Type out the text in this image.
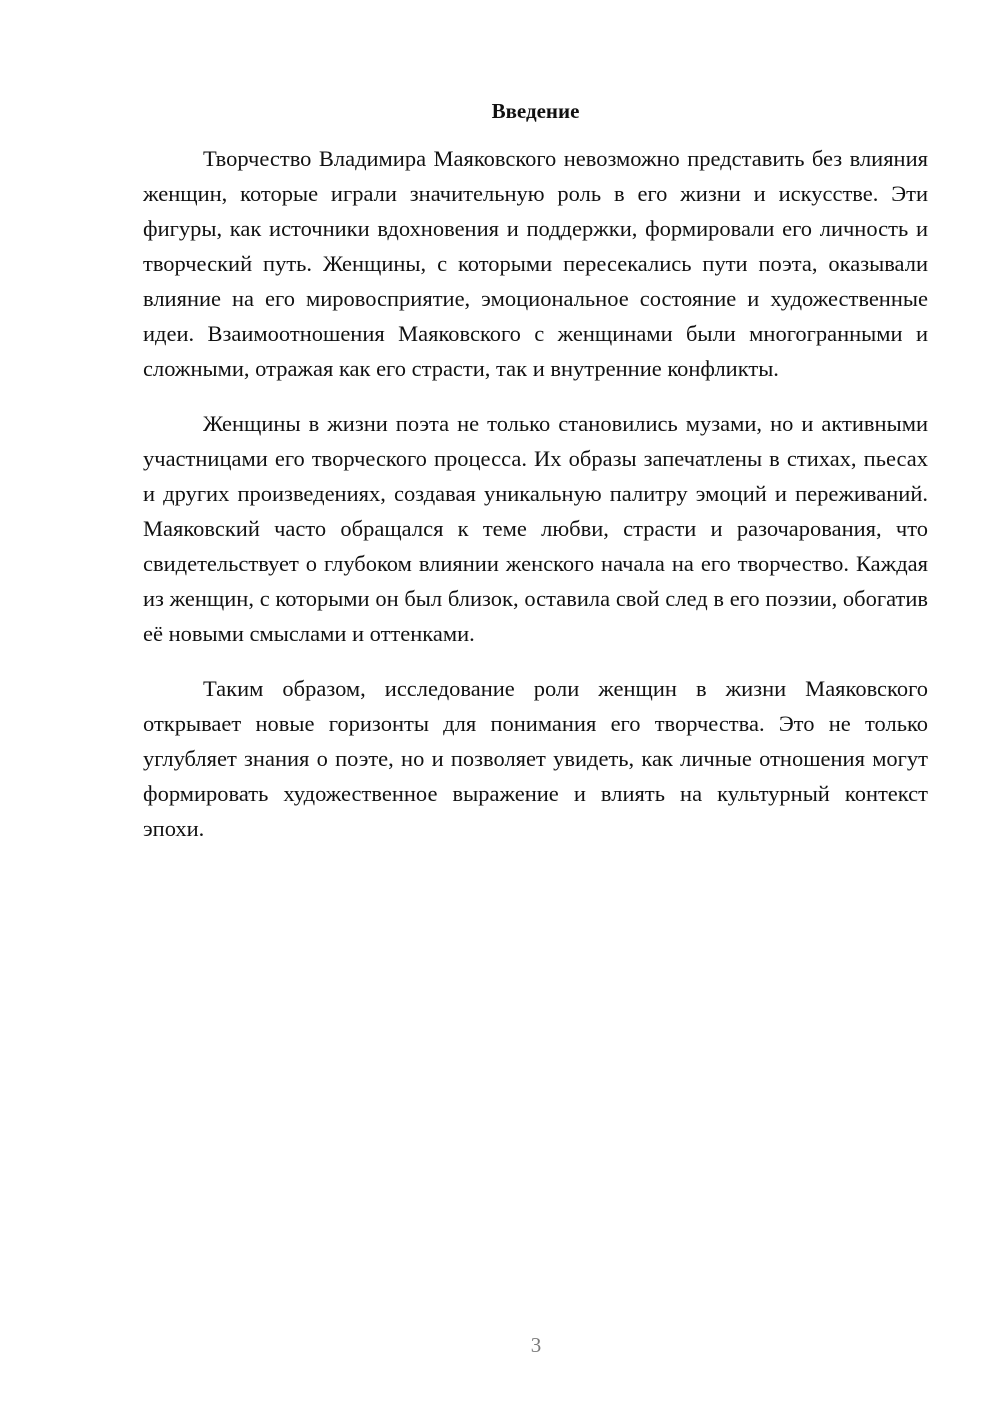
Введение

Творчество Владимира Маяковского невозможно представить без влияния женщин, которые играли значительную роль в его жизни и искусстве. Эти фигуры, как источники вдохновения и поддержки, формировали его личность и творческий путь. Женщины, с которыми пересекались пути поэта, оказывали влияние на его мировосприятие, эмоциональное состояние и художественные идеи. Взаимоотношения Маяковского с женщинами были многогранными и сложными, отражая как его страсти, так и внутренние конфликты.

Женщины в жизни поэта не только становились музами, но и активными участницами его творческого процесса. Их образы запечатлены в стихах, пьесах и других произведениях, создавая уникальную палитру эмоций и переживаний. Маяковский часто обращался к теме любви, страсти и разочарования, что свидетельствует о глубоком влиянии женского начала на его творчество. Каждая из женщин, с которыми он был близок, оставила свой след в его поэзии, обогатив её новыми смыслами и оттенками.

Таким образом, исследование роли женщин в жизни Маяковского открывает новые горизонты для понимания его творчества. Это не только углубляет знания о поэте, но и позволяет увидеть, как личные отношения могут формировать художественное выражение и влиять на культурный контекст эпохи.

3
